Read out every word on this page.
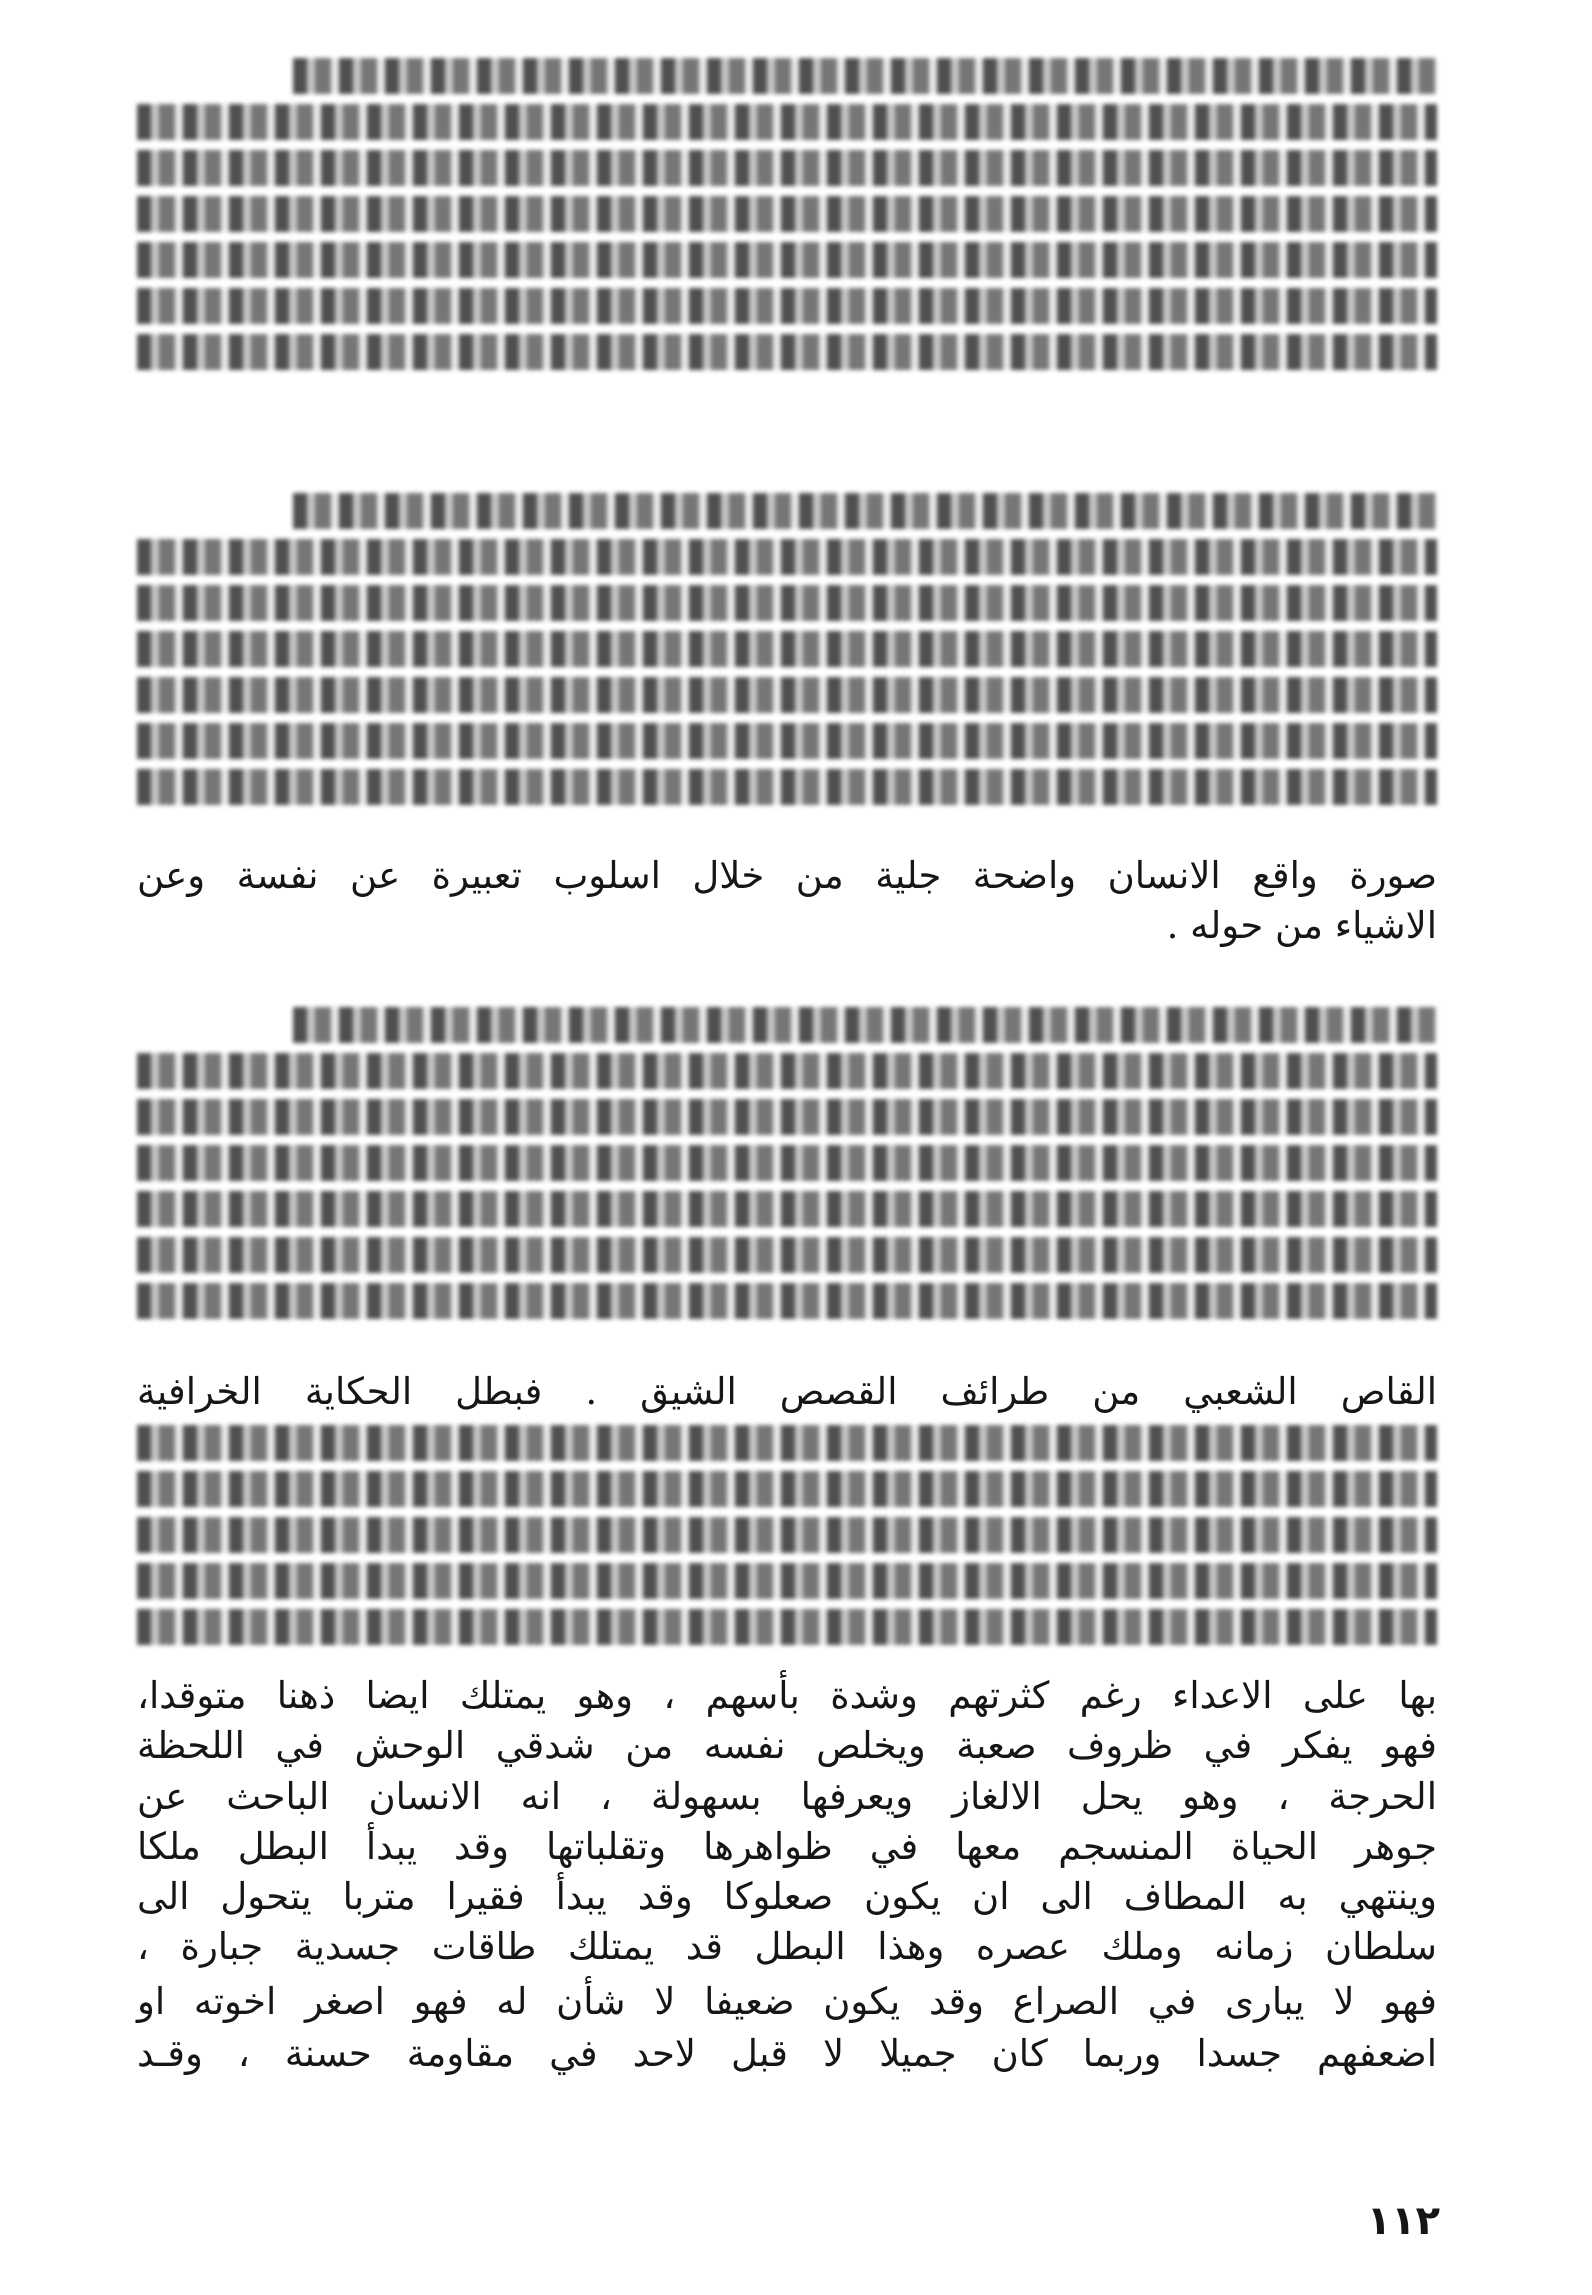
صورة واقع الانسان واضحة جلية من خلال اسلوب تعبيرة عن نفسة وعن
الاشياء من حوله .
القاص الشعبي من طرائف القصص الشيق . فبطل الحكاية الخرافية
بها على الاعداء رغم كثرتهم وشدة بأسهم ، وهو يمتلك ايضا ذهنا متوقدا،
فهو يفكر في ظروف صعبة ويخلص نفسه من شدقي الوحش في اللحظة
الحرجة ، وهو يحل الالغاز ويعرفها بسهولة ، انه الانسان الباحث عن
جوهر الحياة المنسجم معها في ظواهرها وتقلباتها وقد يبدأ البطل ملكا
وينتهي به المطاف الى ان يكون صعلوكا وقد يبدأ فقيرا متربا يتحول الى
سلطان زمانه وملك عصره وهذا البطل قد يمتلك طاقات جسدية جبارة ،
فهو لا يبارى في الصراع وقد يكون ضعيفا لا شأن له فهو اصغر اخوته او
اضعفهم جسدا وربما كان جميلا لا قبل لاحد في مقاومة حسنة ، وقـد
١١٢
